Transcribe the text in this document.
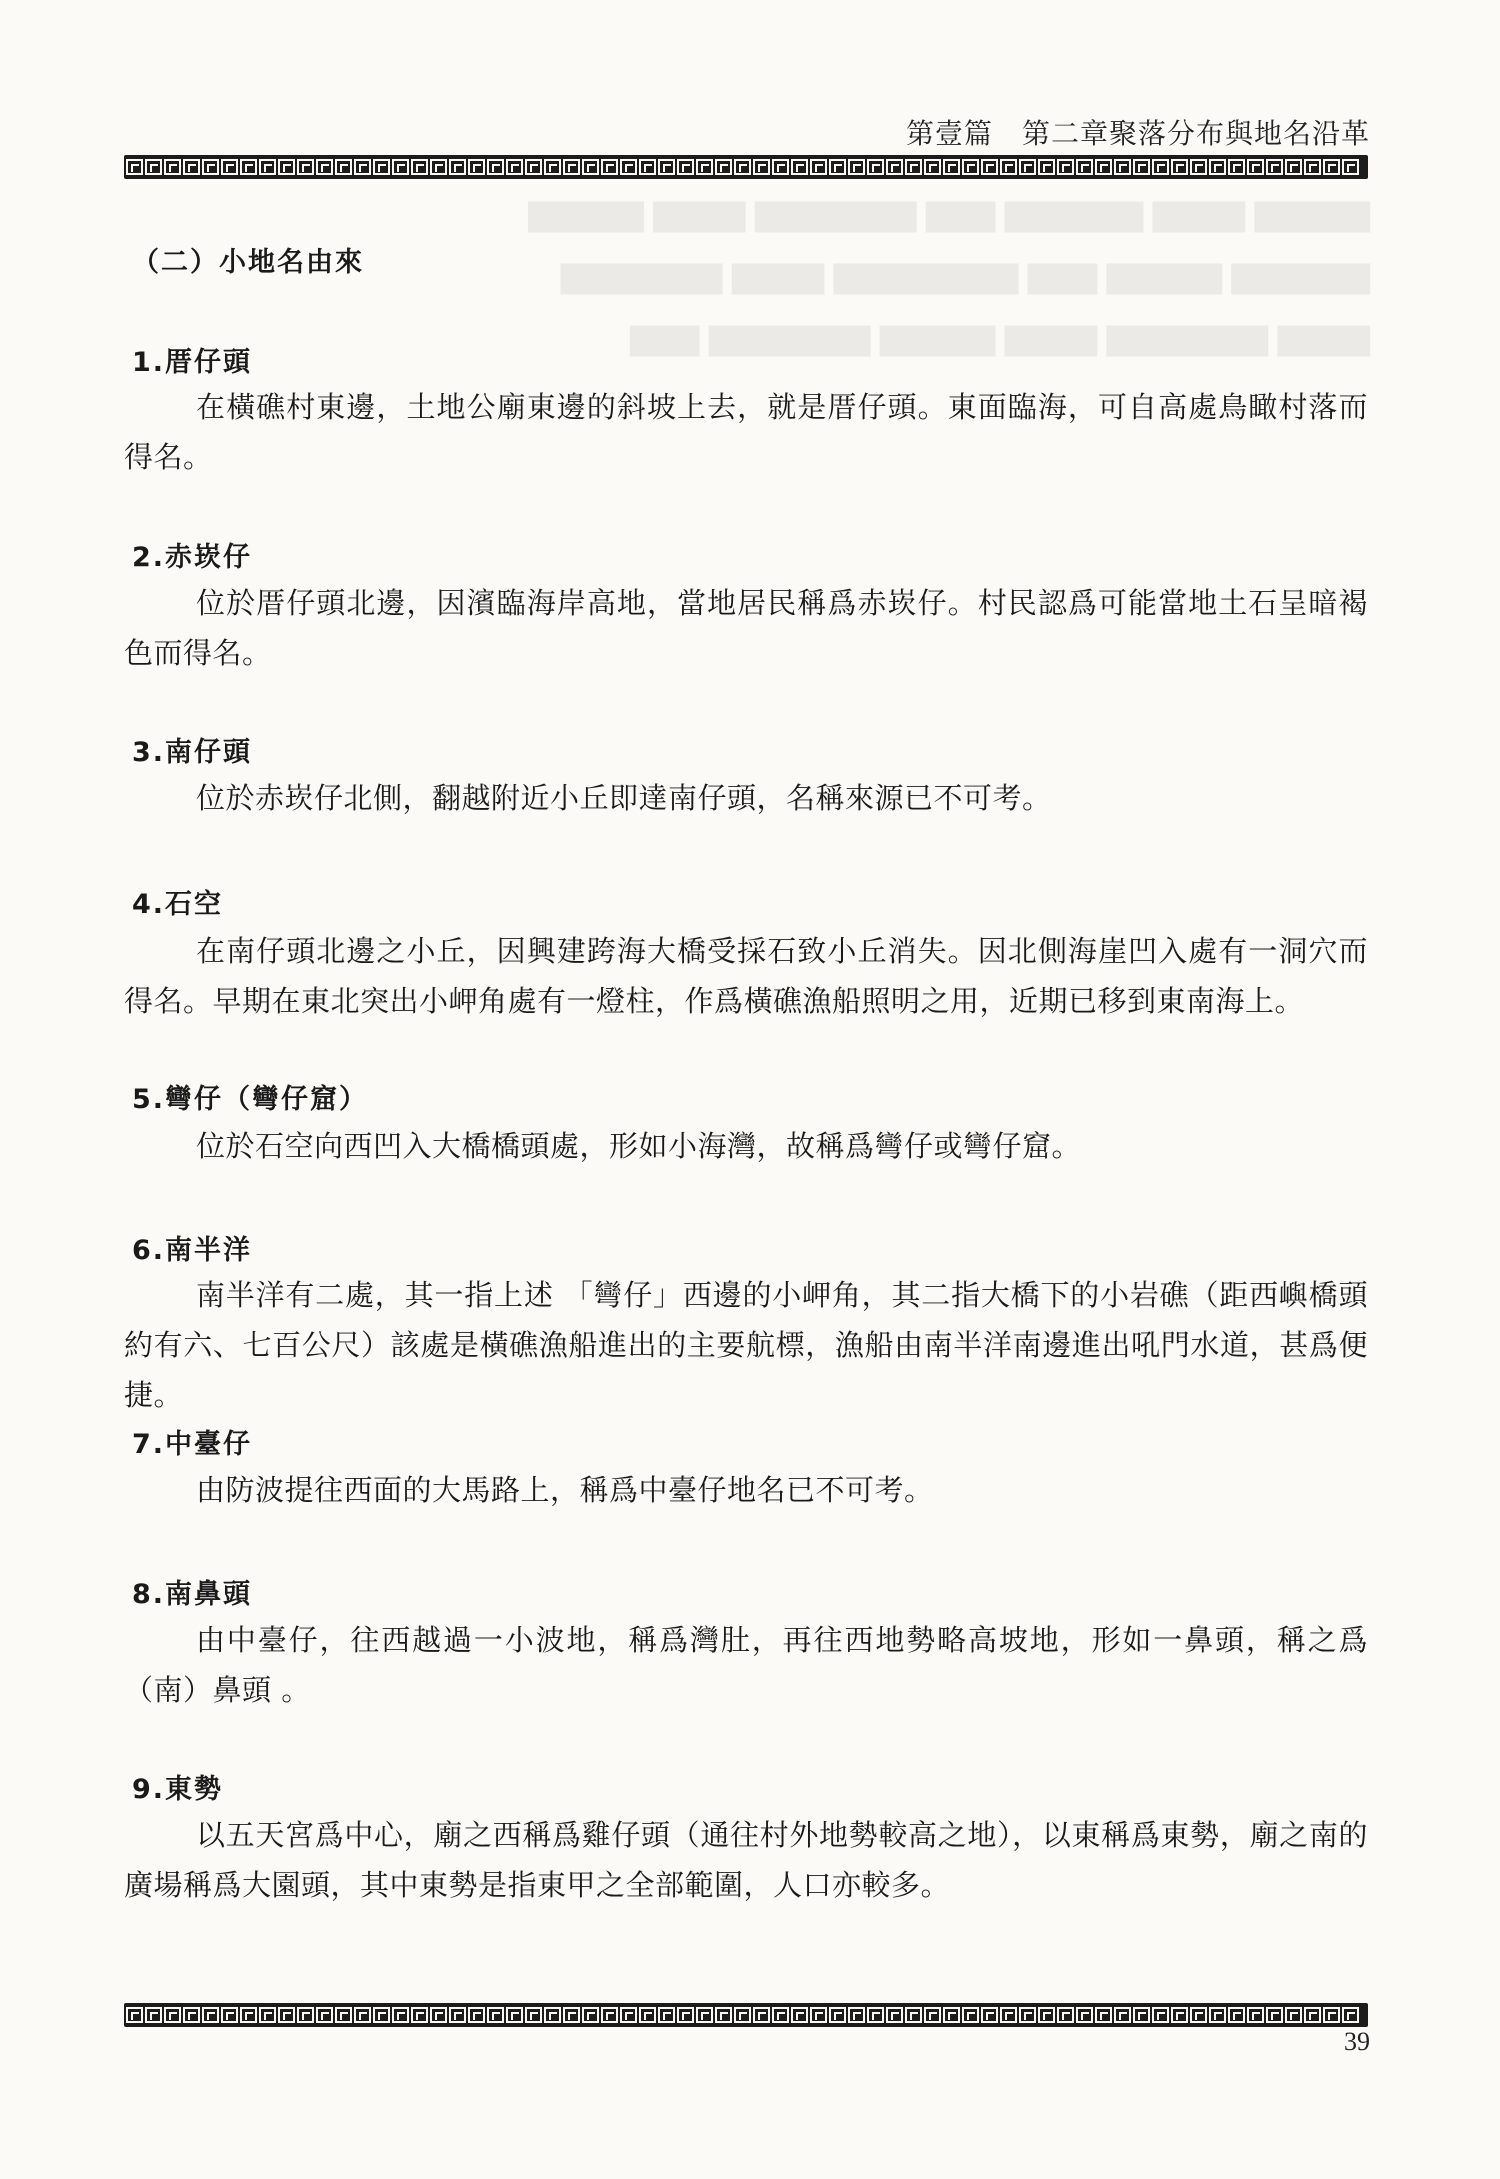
▇▇▇▇▇ ▇▇▇▇ ▇▇▇▇▇▇ ▇▇▇ ▇▇▇▇▇▇▇ ▇▇▇▇ ▇▇▇▇▇
▇▇▇▇▇▇ ▇▇▇▇▇ ▇▇▇ ▇▇▇▇▇▇▇▇ ▇▇▇▇ ▇▇▇▇▇▇▇
▇▇▇▇ ▇▇▇▇▇▇▇ ▇▇▇▇ ▇▇▇▇▇ ▇▇▇▇▇▇▇ ▇▇▇

第壹篇　第二章聚落分布與地名沿革
（二）小地名由來
1.厝仔頭
在橫礁村東邊，土地公廟東邊的斜坡上去，就是厝仔頭。東面臨海，可自高處鳥瞰村落而得名。
2.赤崁仔
位於厝仔頭北邊，因濱臨海岸高地，當地居民稱爲赤崁仔。村民認爲可能當地土石呈暗褐色而得名。
3.南仔頭
位於赤崁仔北側，翻越附近小丘即達南仔頭，名稱來源已不可考。
4.石空
在南仔頭北邊之小丘，因興建跨海大橋受採石致小丘消失。因北側海崖凹入處有一洞穴而得名。早期在東北突出小岬角處有一燈柱，作爲橫礁漁船照明之用，近期已移到東南海上。
5.彎仔（彎仔窟）
位於石空向西凹入大橋橋頭處，形如小海灣，故稱爲彎仔或彎仔窟。
6.南半洋
南半洋有二處，其一指上述 「彎仔」西邊的小岬角，其二指大橋下的小岩礁（距西嶼橋頭約有六、七百公尺）該處是橫礁漁船進出的主要航標，漁船由南半洋南邊進出吼門水道，甚爲便捷。
7.中臺仔
由防波提往西面的大馬路上，稱爲中臺仔地名已不可考。
8.南鼻頭
由中臺仔，往西越過一小波地，稱爲灣肚，再往西地勢略高坡地，形如一鼻頭，稱之爲（南）鼻頭 。
9.東勢
以五天宮爲中心，廟之西稱爲雞仔頭（通往村外地勢較高之地），以東稱爲東勢，廟之南的廣場稱爲大園頭，其中東勢是指東甲之全部範圍，人口亦較多。
39
